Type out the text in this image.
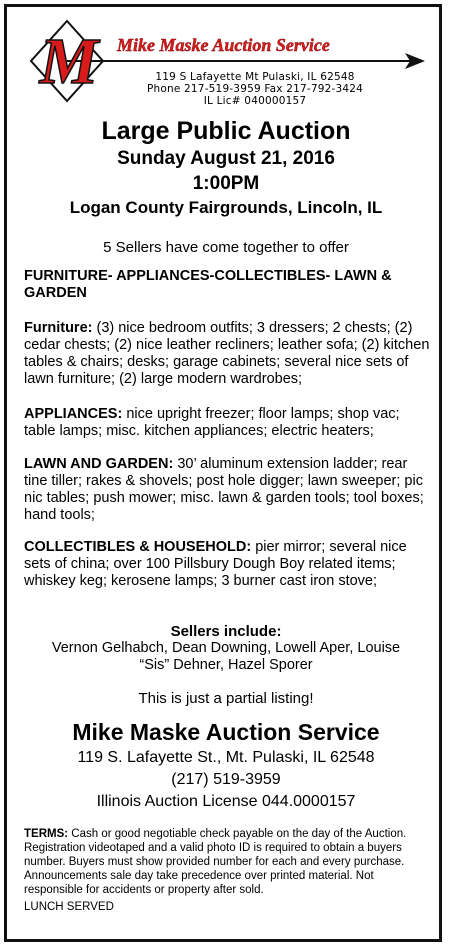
M Mike Maske Auction Service
119 S Lafayette Mt Pulaski, IL 62548
Phone 217-519-3959 Fax 217-792-3424
IL Lic# 040000157
Large Public Auction
Sunday August 21, 2016
1:00PM
Logan County Fairgrounds, Lincoln, IL
5 Sellers have come together to offer
FURNITURE- APPLIANCES-COLLECTIBLES- LAWN & GARDEN
Furniture: (3) nice bedroom outfits; 3 dressers; 2 chests; (2) cedar chests; (2) nice leather recliners; leather sofa; (2) kitchen tables & chairs; desks; garage cabinets; several nice sets of lawn furniture; (2) large modern wardrobes;
APPLIANCES: nice upright freezer; floor lamps; shop vac; table lamps; misc. kitchen appliances; electric heaters;
LAWN AND GARDEN: 30’ aluminum extension ladder; rear tine tiller; rakes & shovels; post hole digger; lawn sweeper; pic nic tables; push mower; misc. lawn & garden tools; tool boxes; hand tools;
COLLECTIBLES & HOUSEHOLD: pier mirror; several nice sets of china; over 100 Pillsbury Dough Boy related items; whiskey keg; kerosene lamps; 3 burner cast iron stove;
Sellers include:
Vernon Gelhabch, Dean Downing, Lowell Aper, Louise
“Sis” Dehner, Hazel Sporer
This is just a partial listing!
Mike Maske Auction Service
119 S. Lafayette St., Mt. Pulaski, IL 62548
(217) 519-3959
Illinois Auction License 044.0000157
TERMS: Cash or good negotiable check payable on the day of the Auction. Registration videotaped and a valid photo ID is required to obtain a buyers number. Buyers must show provided number for each and every purchase. Announcements sale day take precedence over printed material. Not responsible for accidents or property after sold.
LUNCH SERVED
